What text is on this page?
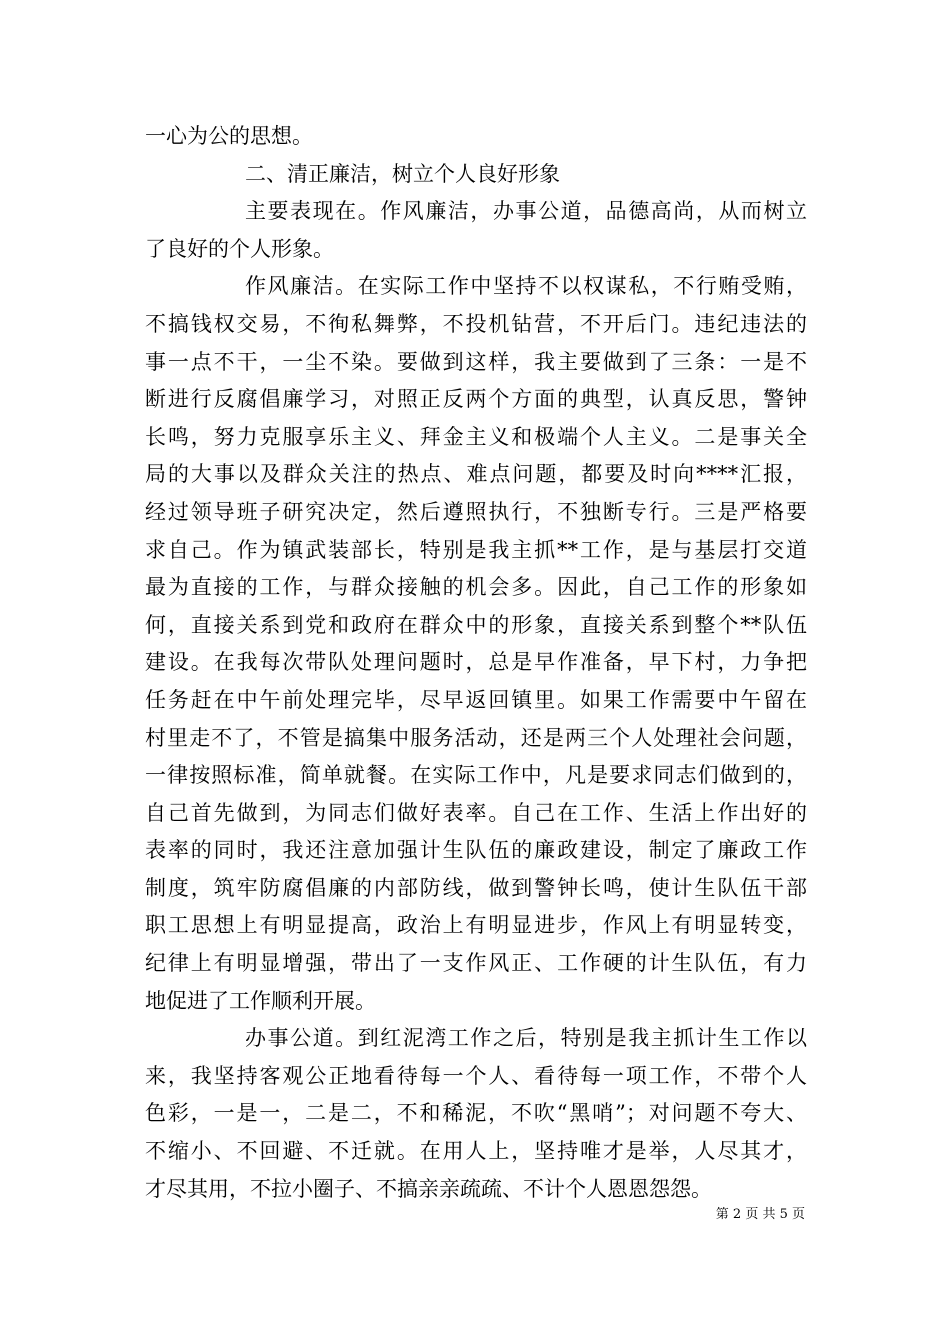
一心为公的思想。
二、清正廉洁，树立个人良好形象
主要表现在。作风廉洁，办事公道，品德高尚，从而树立
了良好的个人形象。
作风廉洁。在实际工作中坚持不以权谋私，不行贿受贿，
不搞钱权交易，不徇私舞弊，不投机钻营，不开后门。违纪违法的
事一点不干，一尘不染。要做到这样，我主要做到了三条：一是不
断进行反腐倡廉学习，对照正反两个方面的典型，认真反思，警钟
长鸣，努力克服享乐主义、拜金主义和极端个人主义。二是事关全
局的大事以及群众关注的热点、难点问题，都要及时向****汇报，
经过领导班子研究决定，然后遵照执行，不独断专行。三是严格要
求自己。作为镇武装部长，特别是我主抓**工作，是与基层打交道
最为直接的工作，与群众接触的机会多。因此，自己工作的形象如
何，直接关系到党和政府在群众中的形象，直接关系到整个**队伍
建设。在我每次带队处理问题时，总是早作准备，早下村，力争把
任务赶在中午前处理完毕，尽早返回镇里。如果工作需要中午留在
村里走不了，不管是搞集中服务活动，还是两三个人处理社会问题，
一律按照标准，简单就餐。在实际工作中，凡是要求同志们做到的，
自己首先做到，为同志们做好表率。自己在工作、生活上作出好的
表率的同时，我还注意加强计生队伍的廉政建设，制定了廉政工作
制度，筑牢防腐倡廉的内部防线，做到警钟长鸣，使计生队伍干部
职工思想上有明显提高，政治上有明显进步，作风上有明显转变，
纪律上有明显增强，带出了一支作风正、工作硬的计生队伍，有力
地促进了工作顺利开展。
办事公道。到红泥湾工作之后，特别是我主抓计生工作以
来，我坚持客观公正地看待每一个人、看待每一项工作，不带个人
色彩，一是一，二是二，不和稀泥，不吹“黑哨”；对问题不夸大、
不缩小、不回避、不迁就。在用人上，坚持唯才是举，人尽其才，
才尽其用，不拉小圈子、不搞亲亲疏疏、不计个人恩恩怨怨。
第 2 页 共 5 页
